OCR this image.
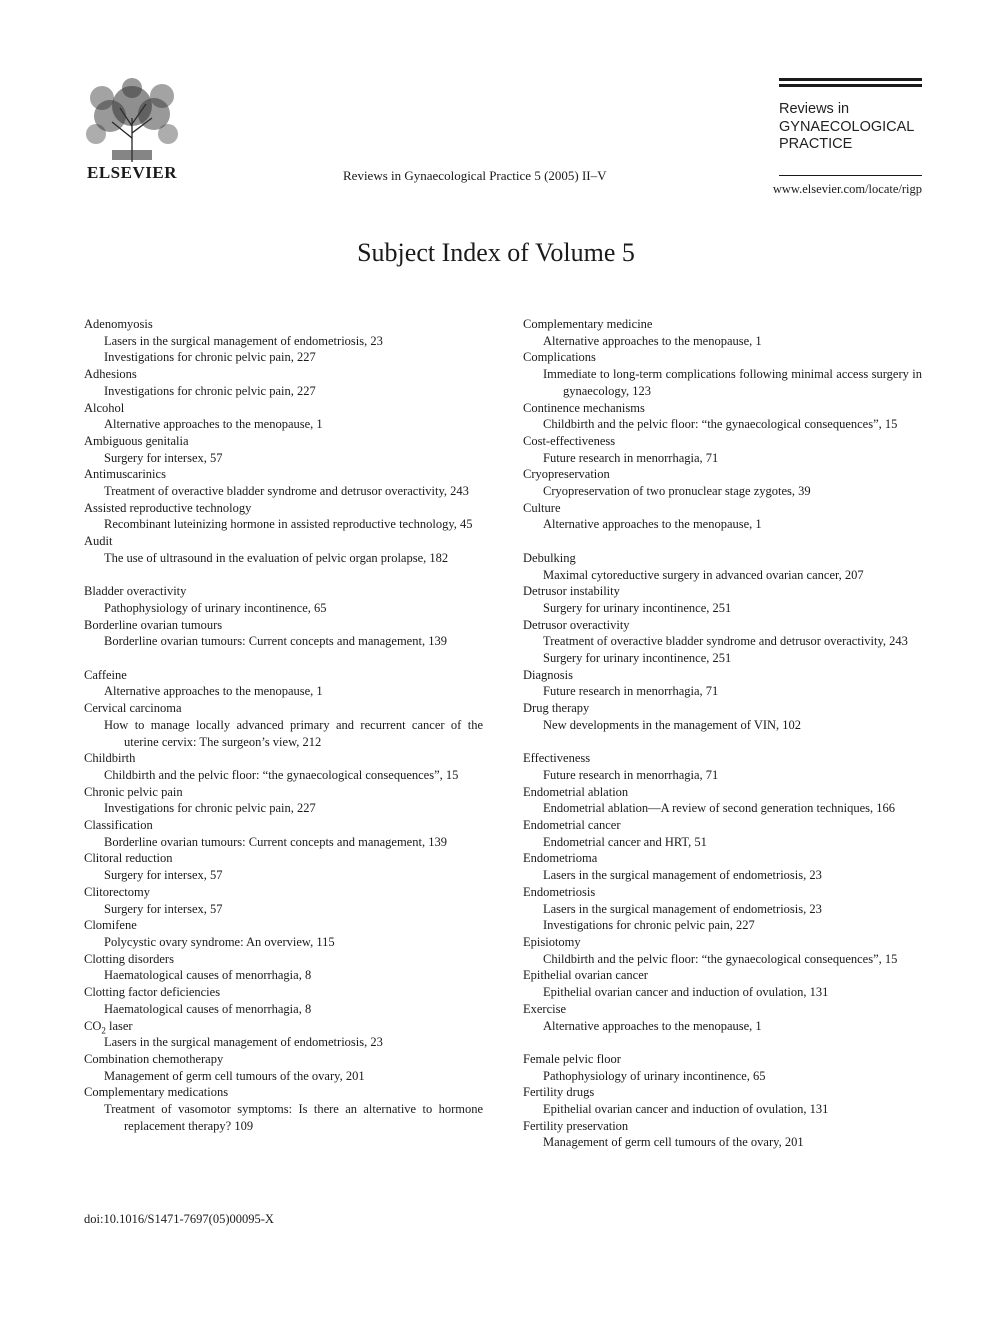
ELSEVIER	Reviews in Gynaecological Practice 5 (2005) II–V
Reviews in
GYNAECOLOGICAL
PRACTICE
www.elsevier.com/locate/rigp
Subject Index of Volume 5
Adenomyosis
Lasers in the surgical management of endometriosis, 23
Investigations for chronic pelvic pain, 227
Adhesions
Investigations for chronic pelvic pain, 227
Alcohol
Alternative approaches to the menopause, 1
Ambiguous genitalia
Surgery for intersex, 57
Antimuscarinics
Treatment of overactive bladder syndrome and detrusor overactivity, 243
Assisted reproductive technology
Recombinant luteinizing hormone in assisted reproductive technology, 45
Audit
The use of ultrasound in the evaluation of pelvic organ prolapse, 182
Bladder overactivity
Pathophysiology of urinary incontinence, 65
Borderline ovarian tumours
Borderline ovarian tumours: Current concepts and management, 139
Caffeine
Alternative approaches to the menopause, 1
Cervical carcinoma
How to manage locally advanced primary and recurrent cancer of the uterine cervix: The surgeon’s view, 212
Childbirth
Childbirth and the pelvic floor: “the gynaecological consequences”, 15
Chronic pelvic pain
Investigations for chronic pelvic pain, 227
Classification
Borderline ovarian tumours: Current concepts and management, 139
Clitoral reduction
Surgery for intersex, 57
Clitorectomy
Surgery for intersex, 57
Clomifene
Polycystic ovary syndrome: An overview, 115
Clotting disorders
Haematological causes of menorrhagia, 8
Clotting factor deficiencies
Haematological causes of menorrhagia, 8
$CO_2$ laser
Lasers in the surgical management of endometriosis, 23
Combination chemotherapy
Management of germ cell tumours of the ovary, 201
Complementary medications
Treatment of vasomotor symptoms: Is there an alternative to hormone replacement therapy? 109
Complementary medicine
Alternative approaches to the menopause, 1
Complications
Immediate to long-term complications following minimal access surgery in gynaecology, 123
Continence mechanisms
Childbirth and the pelvic floor: “the gynaecological consequences”, 15
Cost-effectiveness
Future research in menorrhagia, 71
Cryopreservation
Cryopreservation of two pronuclear stage zygotes, 39
Culture
Alternative approaches to the menopause, 1
Debulking
Maximal cytoreductive surgery in advanced ovarian cancer, 207
Detrusor instability
Surgery for urinary incontinence, 251
Detrusor overactivity
Treatment of overactive bladder syndrome and detrusor overactivity, 243
Surgery for urinary incontinence, 251
Diagnosis
Future research in menorrhagia, 71
Drug therapy
New developments in the management of VIN, 102
Effectiveness
Future research in menorrhagia, 71
Endometrial ablation
Endometrial ablation—A review of second generation techniques, 166
Endometrial cancer
Endometrial cancer and HRT, 51
Endometrioma
Lasers in the surgical management of endometriosis, 23
Endometriosis
Lasers in the surgical management of endometriosis, 23
Investigations for chronic pelvic pain, 227
Episiotomy
Childbirth and the pelvic floor: “the gynaecological consequences”, 15
Epithelial ovarian cancer
Epithelial ovarian cancer and induction of ovulation, 131
Exercise
Alternative approaches to the menopause, 1
Female pelvic floor
Pathophysiology of urinary incontinence, 65
Fertility drugs
Epithelial ovarian cancer and induction of ovulation, 131
Fertility preservation
Management of germ cell tumours of the ovary, 201
doi:10.1016/S1471-7697(05)00095-X
